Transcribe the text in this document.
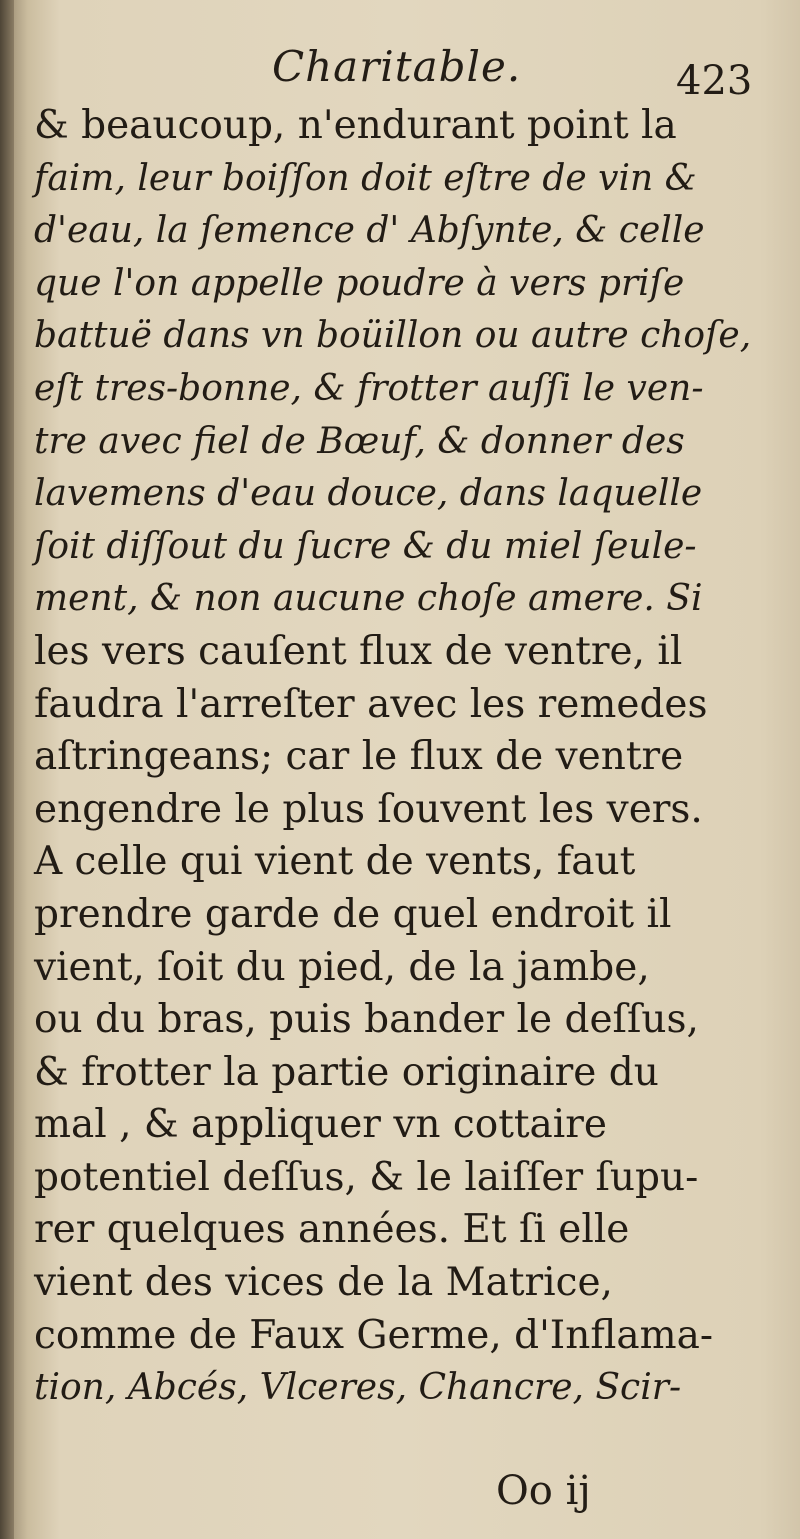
Charitable.	423
& beaucoup, n'endurant point la
faim, leur boiſſon doit eſtre de vin &
d'eau, la ſemence d' Abſynte, & celle
que l'on appelle poudre à vers priſe
battuë dans vn boüillon ou autre choſe,
eſt tres-bonne, & frotter auſſi le ven-
tre avec fiel de Bœuf, & donner des
lavemens d'eau douce, dans laquelle
ſoit diſſout du ſucre & du miel ſeule-
ment, & non aucune choſe amere. Si
les vers cauſent flux de ventre, il
faudra l'arreſter avec les remedes
aſtringeans; car le flux de ventre
engendre le plus ſouvent les vers.
A celle qui vient de vents, faut
prendre garde de quel endroit il
vient, ſoit du pied, de la jambe,
ou du bras, puis bander le deſſus,
& frotter la partie originaire du
mal , & appliquer vn cottaire
potentiel deſſus, & le laiſſer ſupu-
rer quelques années. Et ſi elle
vient des vices de la Matrice,
comme de Faux Germe, d'Inflama-
tion, Abcés, Vlceres, Chancre, Scir-
Oo ij
